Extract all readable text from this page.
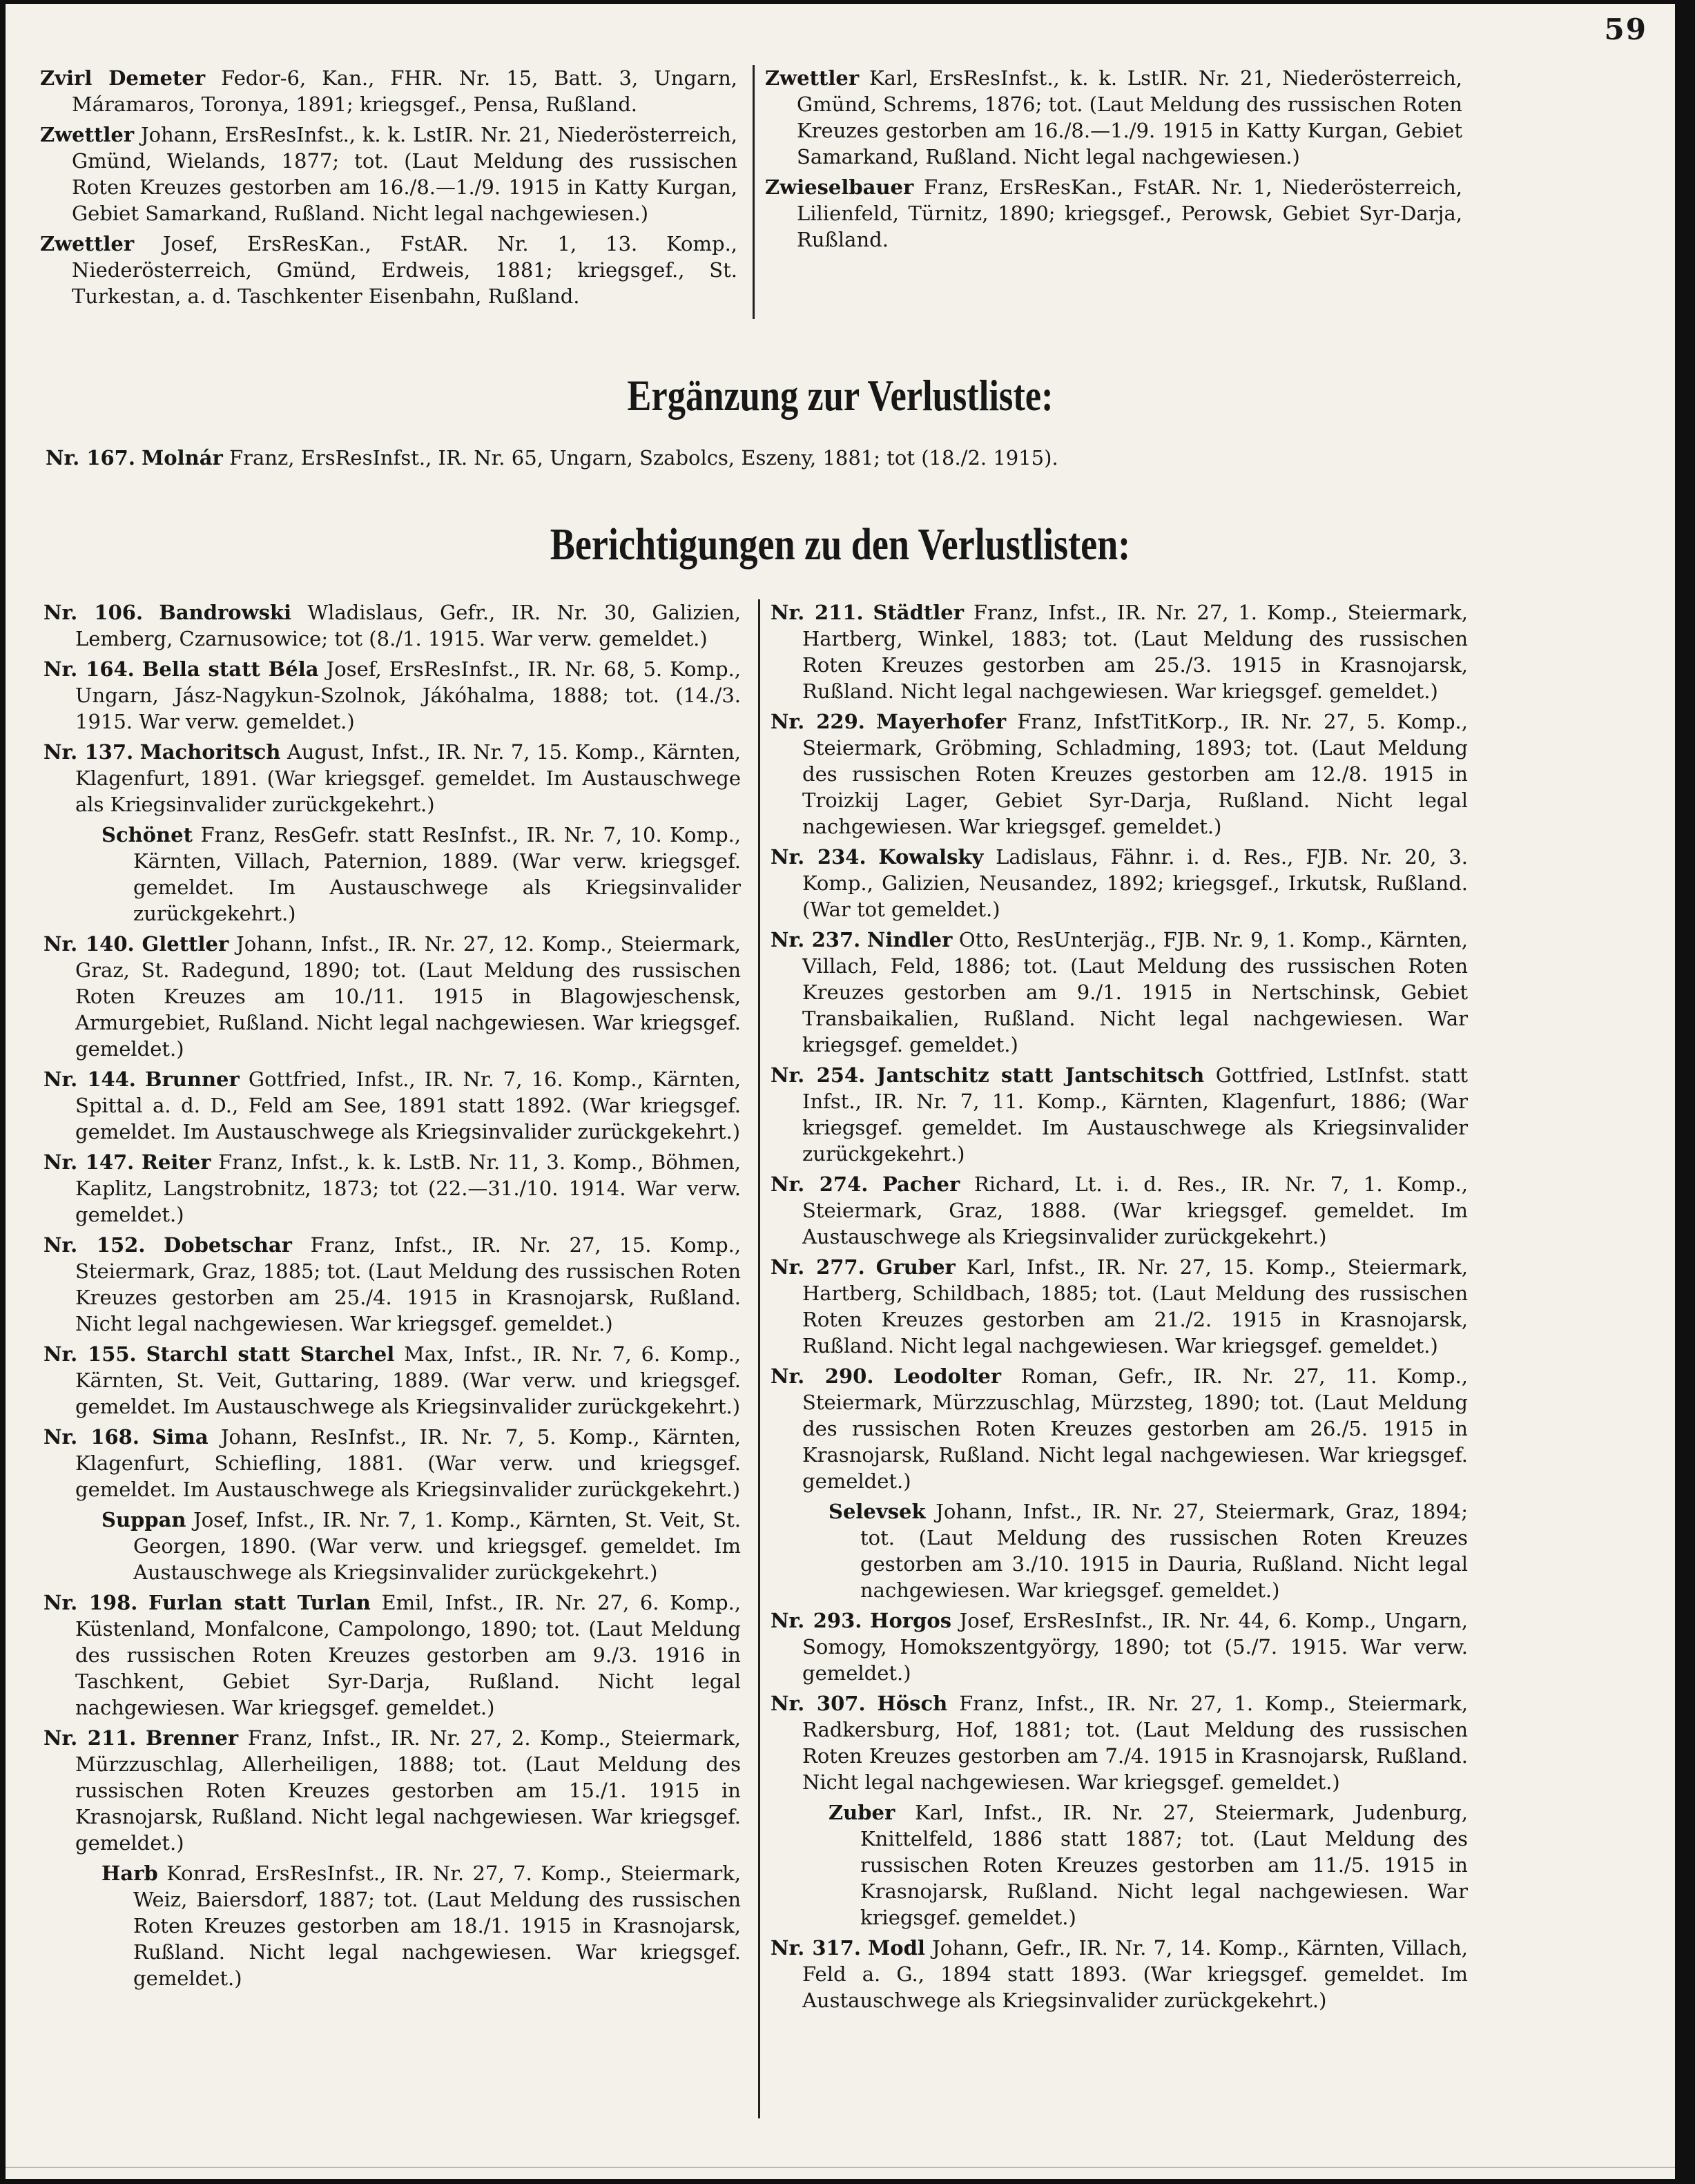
59

Zvirl Demeter Fedor-6, Kan., FHR. Nr. 15, Batt. 3, Ungarn, Máramaros, Toronya, 1891; kriegsgef., Pensa, Rußland.

Zwettler Johann, ErsResInfst., k. k. LstIR. Nr. 21, Niederösterreich, Gmünd, Wielands, 1877; tot. (Laut Meldung des russischen Roten Kreuzes gestorben am 16./8.—1./9. 1915 in Katty Kurgan, Gebiet Samarkand, Rußland. Nicht legal nachgewiesen.)

Zwettler Josef, ErsResKan., FstAR. Nr. 1, 13. Komp., Niederösterreich, Gmünd, Erdweis, 1881; kriegsgef., St. Turkestan, a. d. Taschkenter Eisenbahn, Rußland.

Zwettler Karl, ErsResInfst., k. k. LstIR. Nr. 21, Niederösterreich, Gmünd, Schrems, 1876; tot. (Laut Meldung des russischen Roten Kreuzes gestorben am 16./8.—1./9. 1915 in Katty Kurgan, Gebiet Samarkand, Rußland. Nicht legal nachgewiesen.)

Zwieselbauer Franz, ErsResKan., FstAR. Nr. 1, Niederösterreich, Lilienfeld, Türnitz, 1890; kriegsgef., Perowsk, Gebiet Syr-Darja, Rußland.

Ergänzung zur Verlustliste:
Nr. 167. Molnár Franz, ErsResInfst., IR. Nr. 65, Ungarn, Szabolcs, Eszeny, 1881; tot (18./2. 1915).
Berichtigungen zu den Verlustlisten:

Nr. 106. Bandrowski Wladislaus, Gefr., IR. Nr. 30, Galizien, Lemberg, Czarnusowice; tot (8./1. 1915. War verw. gemeldet.)

Nr. 164. Bella statt Béla Josef, ErsResInfst., IR. Nr. 68, 5. Komp., Ungarn, Jász-Nagykun-Szolnok, Jákóhalma, 1888; tot. (14./3. 1915. War verw. gemeldet.)

Nr. 137. Machoritsch August, Infst., IR. Nr. 7, 15. Komp., Kärnten, Klagenfurt, 1891. (War kriegsgef. gemeldet. Im Austauschwege als Kriegsinvalider zurückgekehrt.)

Schönet Franz, ResGefr. statt ResInfst., IR. Nr. 7, 10. Komp., Kärnten, Villach, Paternion, 1889. (War verw. kriegsgef. gemeldet. Im Austauschwege als Kriegsinvalider zurückgekehrt.)

Nr. 140. Glettler Johann, Infst., IR. Nr. 27, 12. Komp., Steiermark, Graz, St. Radegund, 1890; tot. (Laut Meldung des russischen Roten Kreuzes am 10./11. 1915 in Blagowjeschensk, Armurgebiet, Rußland. Nicht legal nachgewiesen. War kriegsgef. gemeldet.)

Nr. 144. Brunner Gottfried, Infst., IR. Nr. 7, 16. Komp., Kärnten, Spittal a. d. D., Feld am See, 1891 statt 1892. (War kriegsgef. gemeldet. Im Austauschwege als Kriegsinvalider zurückgekehrt.)

Nr. 147. Reiter Franz, Infst., k. k. LstB. Nr. 11, 3. Komp., Böhmen, Kaplitz, Langstrobnitz, 1873; tot (22.—31./10. 1914. War verw. gemeldet.)

Nr. 152. Dobetschar Franz, Infst., IR. Nr. 27, 15. Komp., Steiermark, Graz, 1885; tot. (Laut Meldung des russischen Roten Kreuzes gestorben am 25./4. 1915 in Krasnojarsk, Rußland. Nicht legal nachgewiesen. War kriegsgef. gemeldet.)

Nr. 155. Starchl statt Starchel Max, Infst., IR. Nr. 7, 6. Komp., Kärnten, St. Veit, Guttaring, 1889. (War verw. und kriegsgef. gemeldet. Im Austauschwege als Kriegsinvalider zurückgekehrt.)

Nr. 168. Sima Johann, ResInfst., IR. Nr. 7, 5. Komp., Kärnten, Klagenfurt, Schiefling, 1881. (War verw. und kriegsgef. gemeldet. Im Austauschwege als Kriegsinvalider zurückgekehrt.)

Suppan Josef, Infst., IR. Nr. 7, 1. Komp., Kärnten, St. Veit, St. Georgen, 1890. (War verw. und kriegsgef. gemeldet. Im Austauschwege als Kriegsinvalider zurückgekehrt.)

Nr. 198. Furlan statt Turlan Emil, Infst., IR. Nr. 27, 6. Komp., Küstenland, Monfalcone, Campolongo, 1890; tot. (Laut Meldung des russischen Roten Kreuzes gestorben am 9./3. 1916 in Taschkent, Gebiet Syr-Darja, Rußland. Nicht legal nachgewiesen. War kriegsgef. gemeldet.)

Nr. 211. Brenner Franz, Infst., IR. Nr. 27, 2. Komp., Steiermark, Mürzzuschlag, Allerheiligen, 1888; tot. (Laut Meldung des russischen Roten Kreuzes gestorben am 15./1. 1915 in Krasnojarsk, Rußland. Nicht legal nachgewiesen. War kriegsgef. gemeldet.)

Harb Konrad, ErsResInfst., IR. Nr. 27, 7. Komp., Steiermark, Weiz, Baiersdorf, 1887; tot. (Laut Meldung des russischen Roten Kreuzes gestorben am 18./1. 1915 in Krasnojarsk, Rußland. Nicht legal nachgewiesen. War kriegsgef. gemeldet.)

Nr. 211. Städtler Franz, Infst., IR. Nr. 27, 1. Komp., Steiermark, Hartberg, Winkel, 1883; tot. (Laut Meldung des russischen Roten Kreuzes gestorben am 25./3. 1915 in Krasnojarsk, Rußland. Nicht legal nachgewiesen. War kriegsgef. gemeldet.)

Nr. 229. Mayerhofer Franz, InfstTitKorp., IR. Nr. 27, 5. Komp., Steiermark, Gröbming, Schladming, 1893; tot. (Laut Meldung des russischen Roten Kreuzes gestorben am 12./8. 1915 in Troizkij Lager, Gebiet Syr-Darja, Rußland. Nicht legal nachgewiesen. War kriegsgef. gemeldet.)

Nr. 234. Kowalsky Ladislaus, Fähnr. i. d. Res., FJB. Nr. 20, 3. Komp., Galizien, Neusandez, 1892; kriegsgef., Irkutsk, Rußland. (War tot gemeldet.)

Nr. 237. Nindler Otto, ResUnterjäg., FJB. Nr. 9, 1. Komp., Kärnten, Villach, Feld, 1886; tot. (Laut Meldung des russischen Roten Kreuzes gestorben am 9./1. 1915 in Nertschinsk, Gebiet Transbaikalien, Rußland. Nicht legal nachgewiesen. War kriegsgef. gemeldet.)

Nr. 254. Jantschitz statt Jantschitsch Gottfried, LstInfst. statt Infst., IR. Nr. 7, 11. Komp., Kärnten, Klagenfurt, 1886; (War kriegsgef. gemeldet. Im Austauschwege als Kriegsinvalider zurückgekehrt.)

Nr. 274. Pacher Richard, Lt. i. d. Res., IR. Nr. 7, 1. Komp., Steiermark, Graz, 1888. (War kriegsgef. gemeldet. Im Austauschwege als Kriegsinvalider zurückgekehrt.)

Nr. 277. Gruber Karl, Infst., IR. Nr. 27, 15. Komp., Steiermark, Hartberg, Schildbach, 1885; tot. (Laut Meldung des russischen Roten Kreuzes gestorben am 21./2. 1915 in Krasnojarsk, Rußland. Nicht legal nachgewiesen. War kriegsgef. gemeldet.)

Nr. 290. Leodolter Roman, Gefr., IR. Nr. 27, 11. Komp., Steiermark, Mürzzuschlag, Mürzsteg, 1890; tot. (Laut Meldung des russischen Roten Kreuzes gestorben am 26./5. 1915 in Krasnojarsk, Rußland. Nicht legal nachgewiesen. War kriegsgef. gemeldet.)

Selevsek Johann, Infst., IR. Nr. 27, Steiermark, Graz, 1894; tot. (Laut Meldung des russischen Roten Kreuzes gestorben am 3./10. 1915 in Dauria, Rußland. Nicht legal nachgewiesen. War kriegsgef. gemeldet.)

Nr. 293. Horgos Josef, ErsResInfst., IR. Nr. 44, 6. Komp., Ungarn, Somogy, Homokszentgyörgy, 1890; tot (5./7. 1915. War verw. gemeldet.)

Nr. 307. Hösch Franz, Infst., IR. Nr. 27, 1. Komp., Steiermark, Radkersburg, Hof, 1881; tot. (Laut Meldung des russischen Roten Kreuzes gestorben am 7./4. 1915 in Krasnojarsk, Rußland. Nicht legal nachgewiesen. War kriegsgef. gemeldet.)

Zuber Karl, Infst., IR. Nr. 27, Steiermark, Judenburg, Knittelfeld, 1886 statt 1887; tot. (Laut Meldung des russischen Roten Kreuzes gestorben am 11./5. 1915 in Krasnojarsk, Rußland. Nicht legal nachgewiesen. War kriegsgef. gemeldet.)

Nr. 317. Modl Johann, Gefr., IR. Nr. 7, 14. Komp., Kärnten, Villach, Feld a. G., 1894 statt 1893. (War kriegsgef. gemeldet. Im Austauschwege als Kriegsinvalider zurückgekehrt.)
